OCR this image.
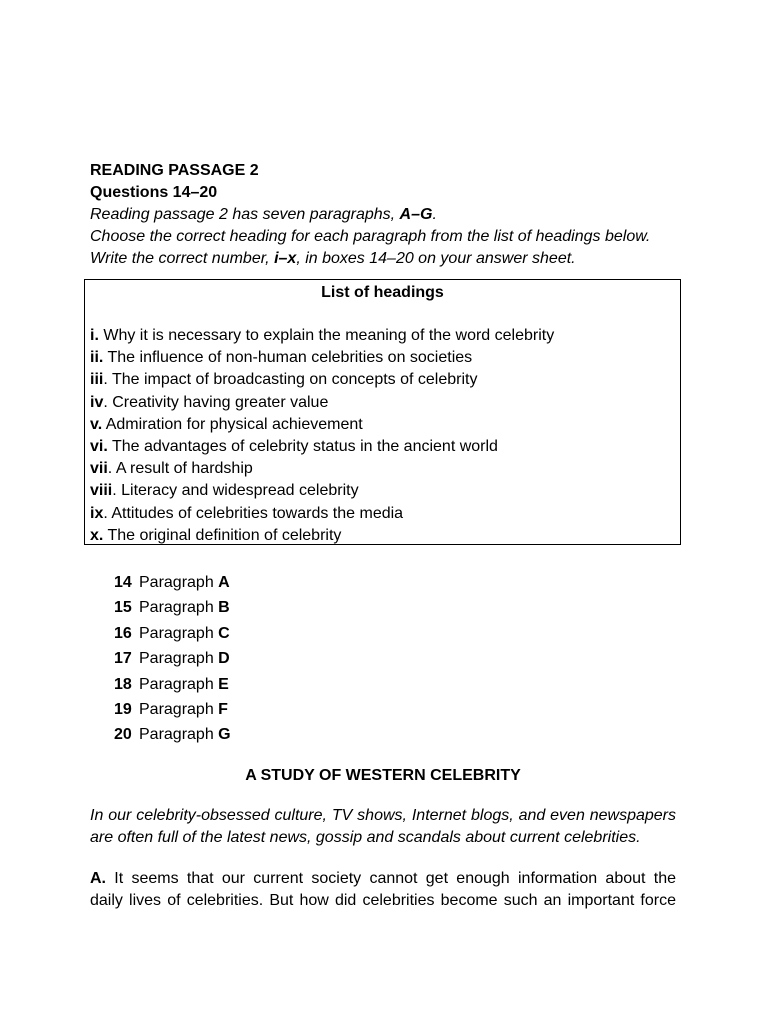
READING PASSAGE 2
Questions 14–20
Reading passage 2 has seven paragraphs, A–G.
Choose the correct heading for each paragraph from the list of headings below.
Write the correct number, i–x, in boxes 14–20 on your answer sheet.
List of headings
i. Why it is necessary to explain the meaning of the word celebrity
ii. The influence of non-human celebrities on societies
iii. The impact of broadcasting on concepts of celebrity
iv. Creativity having greater value
v. Admiration for physical achievement
vi. The advantages of celebrity status in the ancient world
vii. A result of hardship
viii. Literacy and widespread celebrity
ix. Attitudes of celebrities towards the media
x. The original definition of celebrity
14 Paragraph A
15 Paragraph B
16 Paragraph C
17 Paragraph D
18 Paragraph E
19 Paragraph F
20 Paragraph G
A STUDY OF WESTERN CELEBRITY
In our celebrity-obsessed culture, TV shows, Internet blogs, and even newspapers
are often full of the latest news, gossip and scandals about current celebrities.
A. It seems that our current society cannot get enough information about the
daily lives of celebrities. But how did celebrities become such an important force
